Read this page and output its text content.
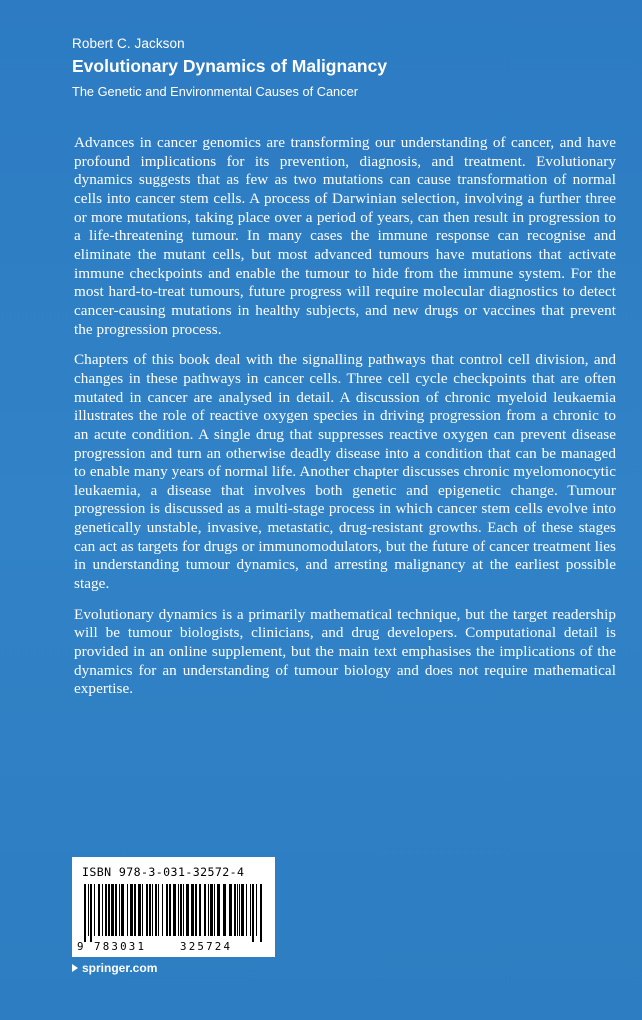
Robert C. Jackson
Evolutionary Dynamics of Malignancy
The Genetic and Environmental Causes of Cancer

Advances in cancer genomics are transforming our understanding of cancer, and have profound implications for its prevention, diagnosis, and treatment. Evolutionary dynamics suggests that as few as two mutations can cause transformation of normal cells into cancer stem cells. A process of Darwinian selection, involving a further three or more mutations, taking place over a period of years, can then result in progression to a life-threatening tumour. In many cases the immune response can recognise and eliminate the mutant cells, but most advanced tumours have mutations that activate immune checkpoints and enable the tumour to hide from the immune system. For the most hard-to-treat tumours, future progress will require molecular diagnostics to detect cancer-causing mutations in healthy subjects, and new drugs or vaccines that prevent the progression process.

Chapters of this book deal with the signalling pathways that control cell division, and changes in these pathways in cancer cells. Three cell cycle checkpoints that are often mutated in cancer are analysed in detail. A discussion of chronic myeloid leukaemia illustrates the role of reactive oxygen species in driving progression from a chronic to an acute condition. A single drug that suppresses reactive oxygen can prevent disease progression and turn an otherwise deadly disease into a condition that can be managed to enable many years of normal life. Another chapter discusses chronic myelomonocytic leukaemia, a disease that involves both genetic and epigenetic change. Tumour progression is discussed as a multi-stage process in which cancer stem cells evolve into genetically unstable, invasive, metastatic, drug-resistant growths. Each of these stages can act as targets for drugs or immunomodulators, but the future of cancer treatment lies in understanding tumour dynamics, and arresting malignancy at the earliest possible stage.

Evolutionary dynamics is a primarily mathematical technique, but the target readership will be tumour biologists, clinicians, and drug developers. Computational detail is provided in an online supplement, but the main text emphasises the implications of the dynamics for an understanding of tumour biology and does not require mathematical expertise.

ISBN 978-3-031-32572-4
9 783031	325724
springer.com
